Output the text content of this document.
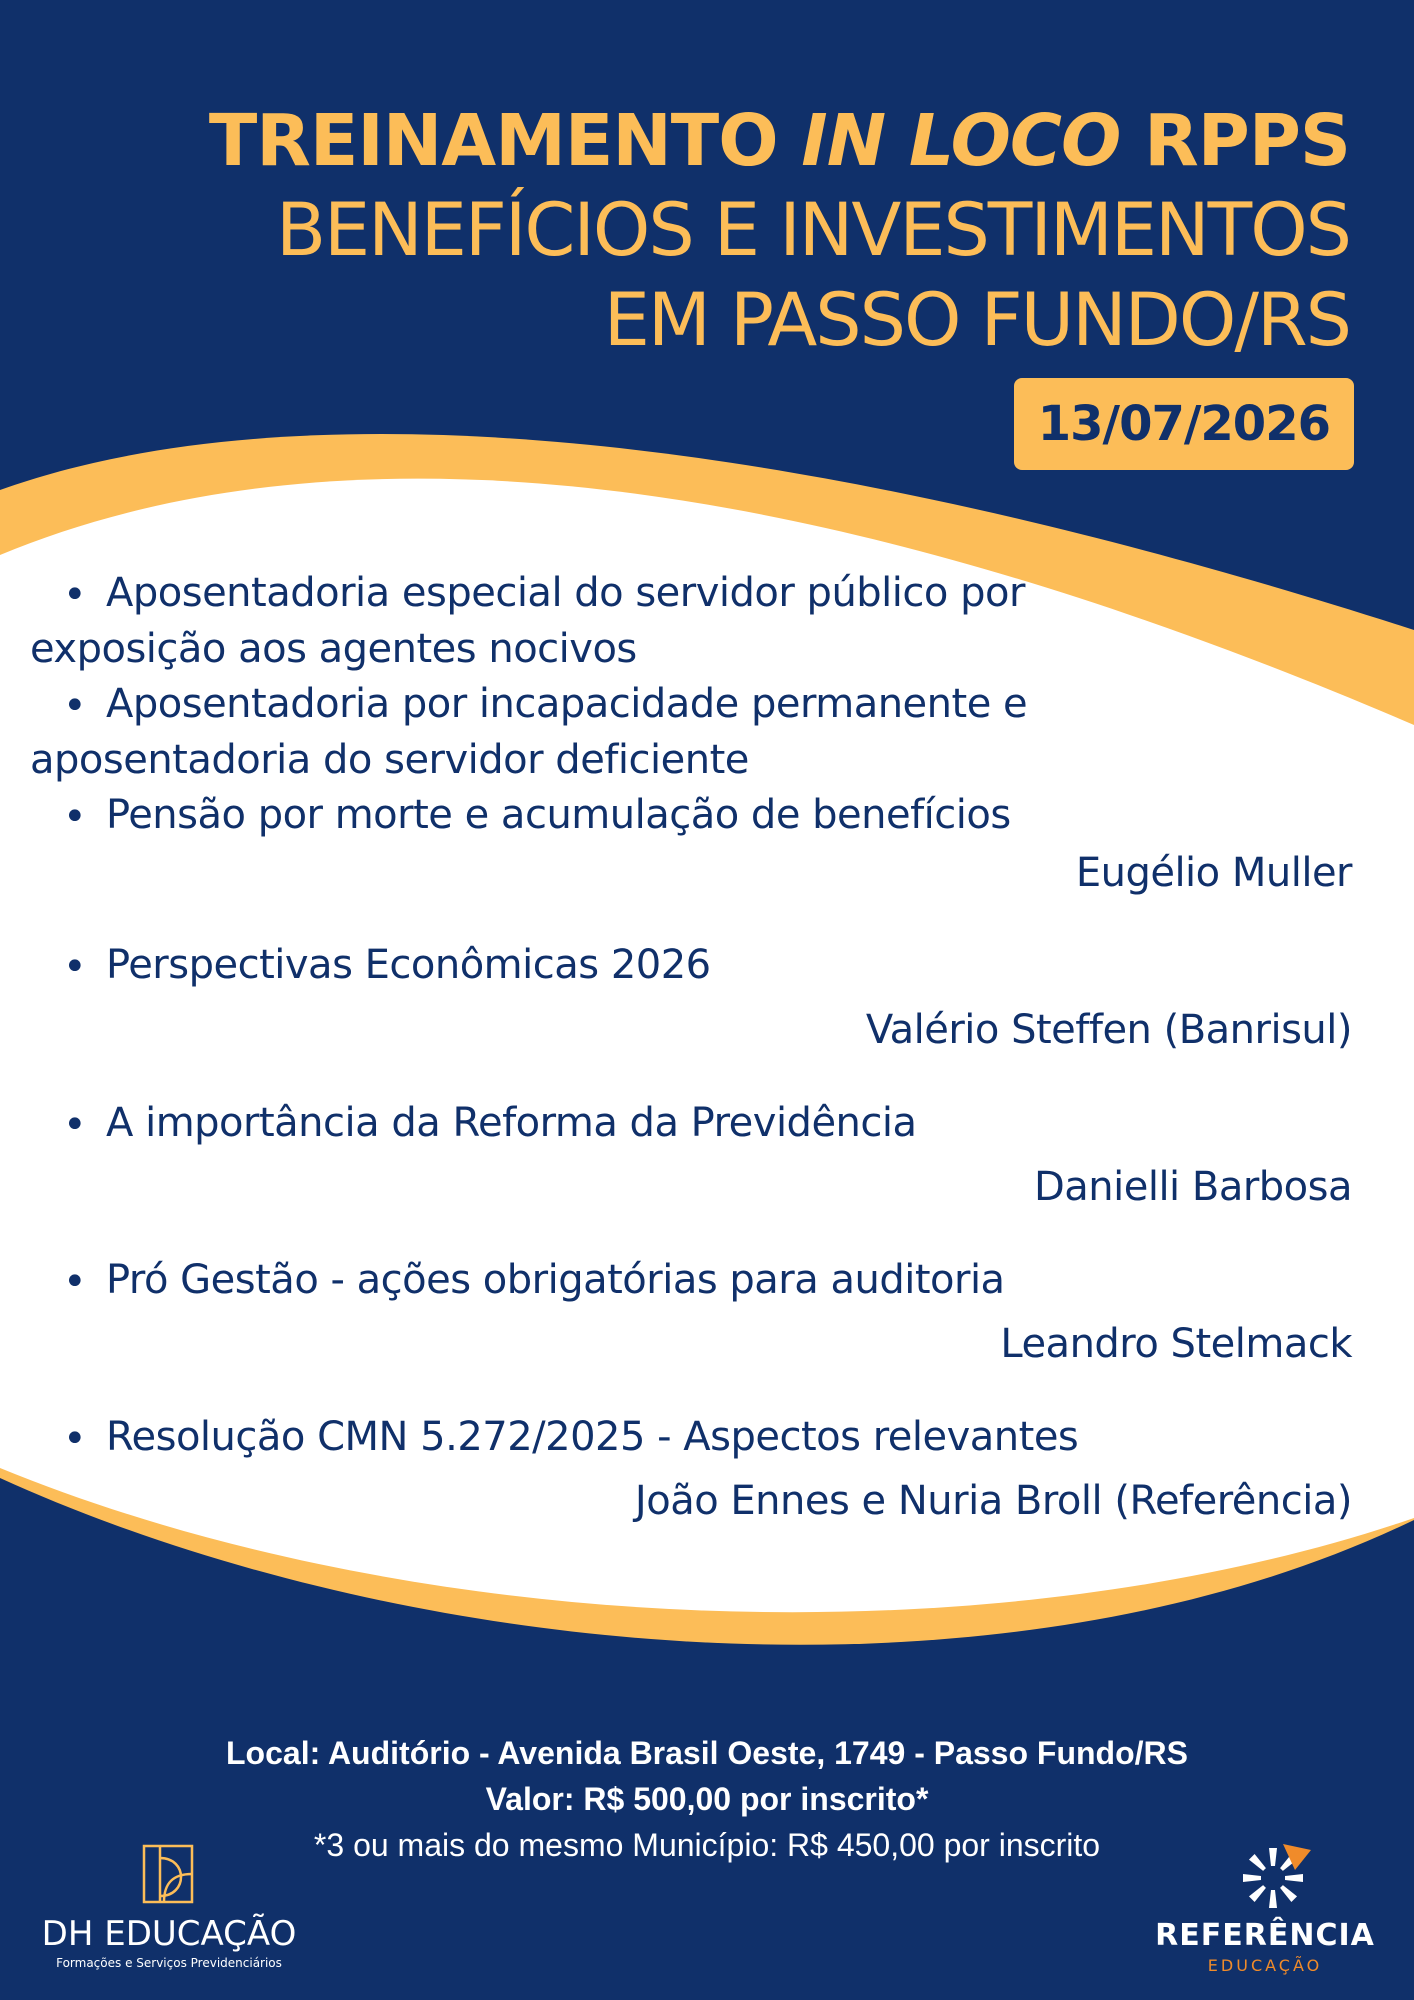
TREINAMENTO IN LOCO RPPS
BENEFÍCIOS E INVESTIMENTOS
EM PASSO FUNDO/RS
13/07/2026
• Aposentadoria especial do servidor público por
exposição aos agentes nocivos
• Aposentadoria por incapacidade permanente e
aposentadoria do servidor deficiente
• Pensão por morte e acumulação de benefícios
Eugélio Muller
• Perspectivas Econômicas 2026
Valério Steffen (Banrisul)
• A importância da Reforma da Previdência
Danielli Barbosa
• Pró Gestão - ações obrigatórias para auditoria
Leandro Stelmack
• Resolução CMN 5.272/2025 - Aspectos relevantes
João Ennes e Nuria Broll (Referência)
Local: Auditório - Avenida Brasil Oeste, 1749 - Passo Fundo/RS
Valor: R$ 500,00 por inscrito*
*3 ou mais do mesmo Município: R$ 450,00 por inscrito
DH EDUCAÇÃO
Formações e Serviços Previdenciários
REFERÊNCIA
EDUCAÇÃO
